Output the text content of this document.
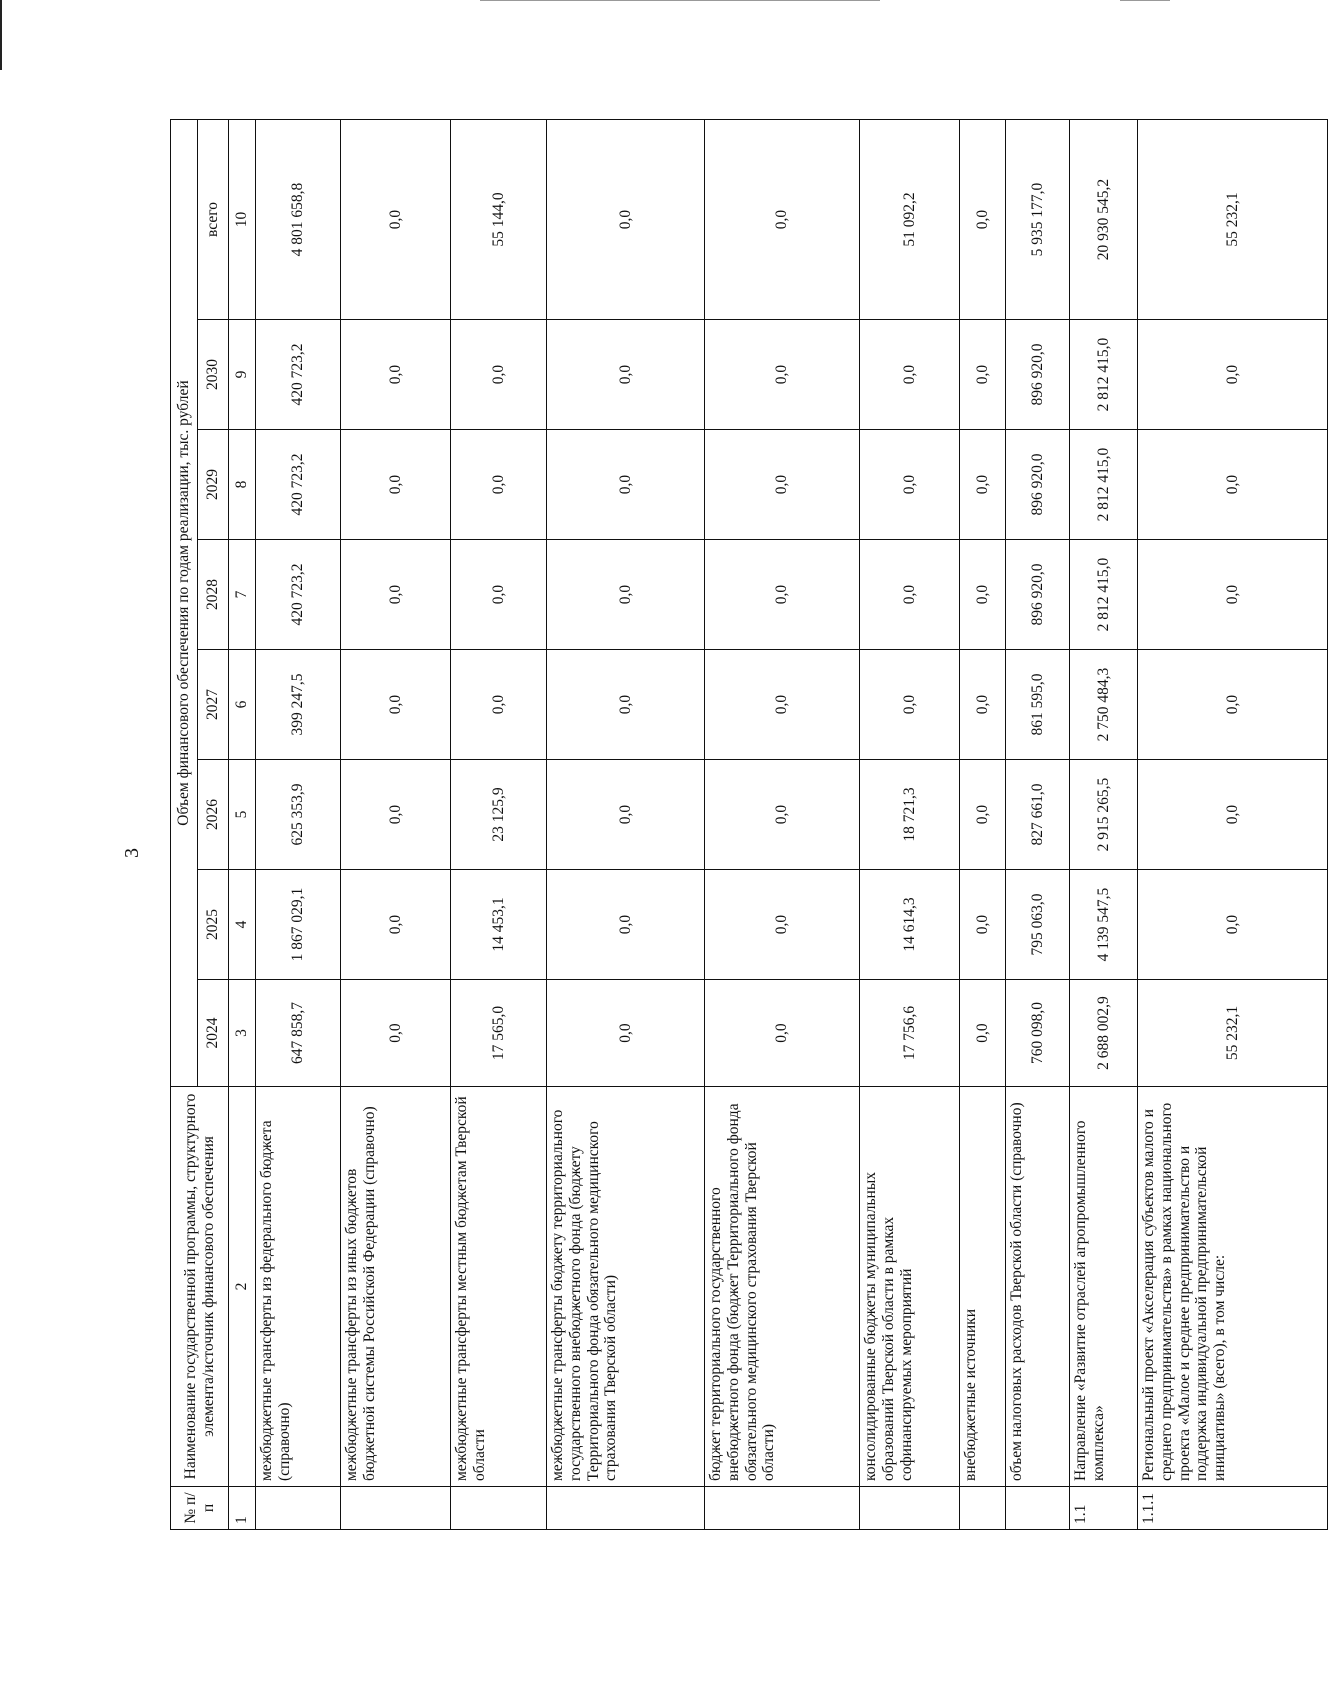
3
№ п/п	Наименование государственной программы, структурного элемента/источник финансового обеспечения	Объем финансового обеспечения по годам реализации, тыс. рублей							
		2024	2025	2026	2027	2028	2029	2030	всего
1	2	3	4	5	6	7	8	9	10
	межбюджетные трансферты из федерального бюджета (справочно)	647 858,7	1 867 029,1	625 353,9	399 247,5	420 723,2	420 723,2	420 723,2	4 801 658,8
	межбюджетные трансферты из иных бюджетов бюджетной системы Российской Федерации (справочно)	0,0	0,0	0,0	0,0	0,0	0,0	0,0	0,0
	межбюджетные трансферты местным бюджетам Тверской области	17 565,0	14 453,1	23 125,9	0,0	0,0	0,0	0,0	55 144,0
	межбюджетные трансферты бюджету территориального государственного внебюджетного фонда (бюджету Территориального фонда обязательного медицинского страхования Тверской области)	0,0	0,0	0,0	0,0	0,0	0,0	0,0	0,0
	бюджет территориального государственного внебюджетного фонда (бюджет Территориального фонда обязательного медицинского страхования Тверской области)	0,0	0,0	0,0	0,0	0,0	0,0	0,0	0,0
	консолидированные бюджеты муниципальных образований Тверской области в рамках софинансируемых мероприятий	17 756,6	14 614,3	18 721,3	0,0	0,0	0,0	0,0	51 092,2
	внебюджетные источники	0,0	0,0	0,0	0,0	0,0	0,0	0,0	0,0
	объем налоговых расходов Тверской области (справочно)	760 098,0	795 063,0	827 661,0	861 595,0	896 920,0	896 920,0	896 920,0	5 935 177,0
1.1	Направление «Развитие отраслей агропромышленного комплекса»	2 688 002,9	4 139 547,5	2 915 265,5	2 750 484,3	2 812 415,0	2 812 415,0	2 812 415,0	20 930 545,2
1.1.1	Региональный проект «Акселерация субъектов малого и среднего предпринимательства» в рамках национального проекта «Малое и среднее предпринимательство и поддержка индивидуальной предпринимательской инициативы» (всего), в том числе:	55 232,1	0,0	0,0	0,0	0,0	0,0	0,0	55 232,1
